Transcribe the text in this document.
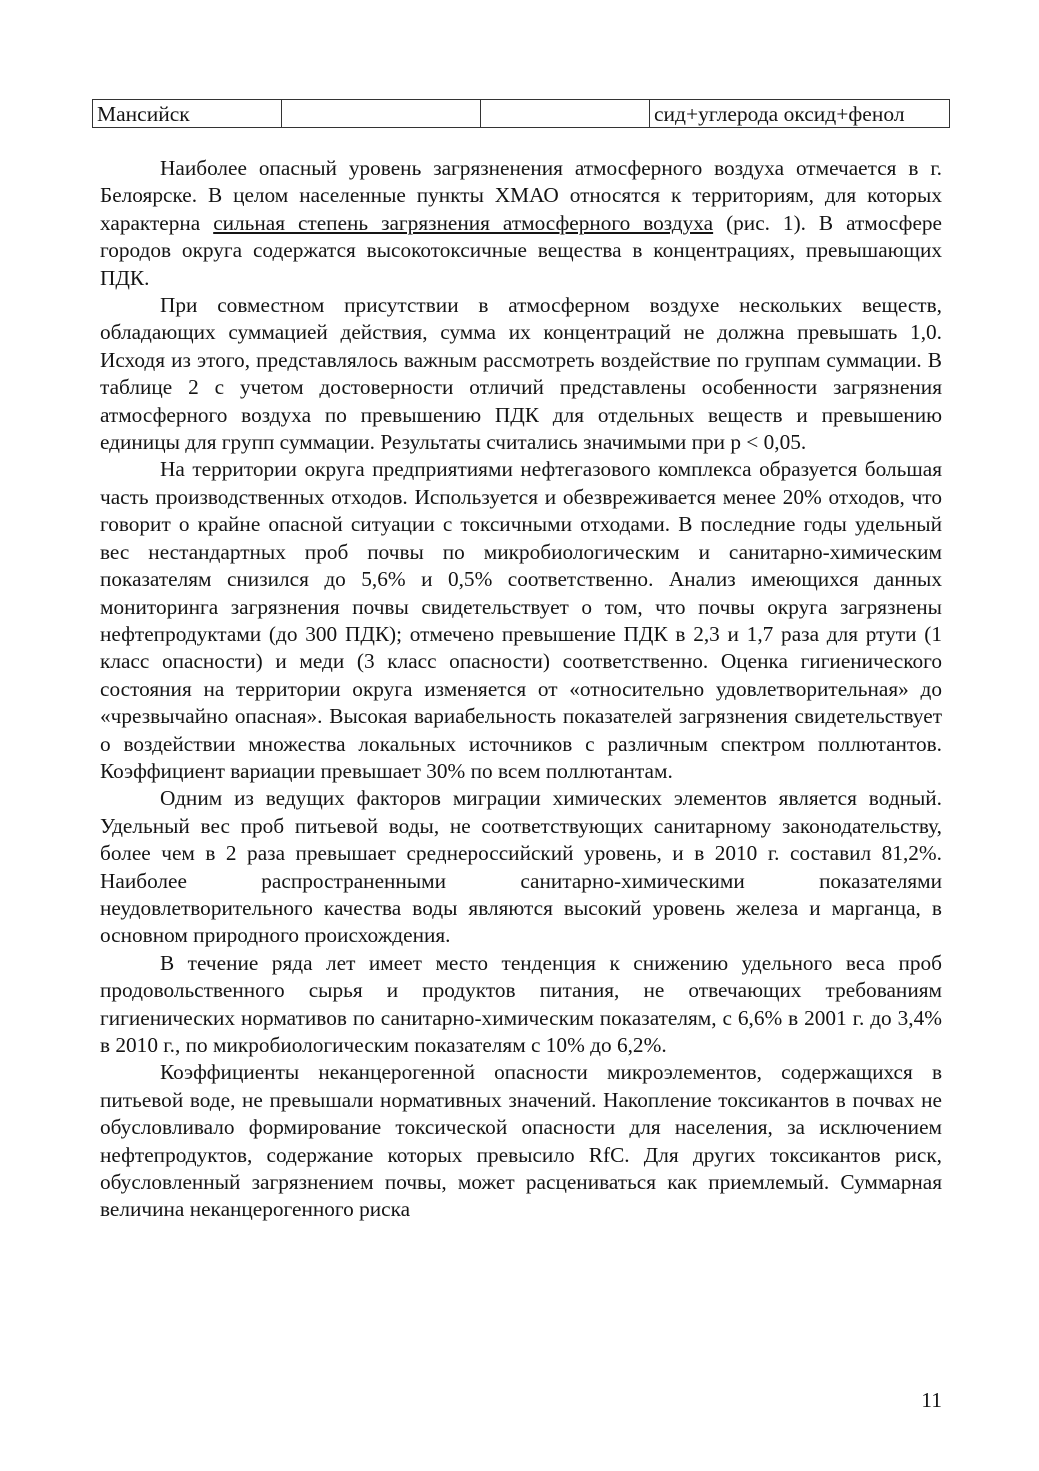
Мансийск			сид+углерода оксид+фенол

Наиболее опасный уровень загрязненения атмосферного воздуха отмечается в г. Белоярске. В целом населенные пункты ХМАО относятся к территориям, для которых характерна сильная степень загрязнения атмосферного воздуха (рис. 1). В атмосфере городов округа содержатся высокотоксичные вещества в концентрациях, превышающих ПДК.

При совместном присутствии в атмосферном воздухе нескольких веществ, обладающих суммацией действия, сумма их концентраций не должна превышать 1,0. Исходя из этого, представлялось важным рассмотреть воздействие по группам суммации. В таблице 2 с учетом достоверности отличий представлены особенности загрязнения атмосферного воздуха по превышению ПДК для отдельных веществ и превышению единицы для групп суммации. Результаты считались значимыми при р < 0,05.

На территории округа предприятиями нефтегазового комплекса образуется большая часть производственных отходов. Используется и обезвреживается менее 20% отходов, что говорит о крайне опасной ситуации с токсичными отходами. В последние годы удельный вес нестандартных проб почвы по микробиологическим и санитарно-химическим показателям снизился до 5,6% и 0,5% соответственно. Анализ имеющихся данных мониторинга загрязнения почвы свидетельствует о том, что почвы округа загрязнены нефтепродуктами (до 300 ПДК); отмечено превышение ПДК в 2,3 и 1,7 раза для ртути (1 класс опасности) и меди (3 класс опасности) соответственно. Оценка гигиенического состояния на территории округа изменяется от «относительно удовлетворительная» до «чрезвычайно опасная». Высокая вариабельность показателей загрязнения свидетельствует о воздействии множества локальных источников с различным спектром поллютантов. Коэффициент вариации превышает 30% по всем поллютантам.

Одним из ведущих факторов миграции химических элементов является водный. Удельный вес проб питьевой воды, не соответствующих санитарному законодательству, более чем в 2 раза превышает среднероссийский уровень, и в 2010 г. составил 81,2%. Наиболее распространенными санитарно-химическими показателями неудовлетворительного качества воды являются высокий уровень железа и марганца, в основном природного происхождения.

В течение ряда лет имеет место тенденция к снижению удельного веса проб продовольственного сырья и продуктов питания, не отвечающих требованиям гигиенических нормативов по санитарно-химическим показателям, с 6,6% в 2001 г. до 3,4% в 2010 г., по микробиологическим показателям с 10% до 6,2%.

Коэффициенты неканцерогенной опасности микроэлементов, содержащихся в питьевой воде, не превышали нормативных значений. Накопление токсикантов в почвах не обусловливало формирование токсической опасности для населения, за исключением нефтепродуктов, содержание которых превысило RfC. Для других токсикантов риск, обусловленный загрязнением почвы, может расцениваться как приемлемый. Суммарная величина неканцерогенного риска

11
